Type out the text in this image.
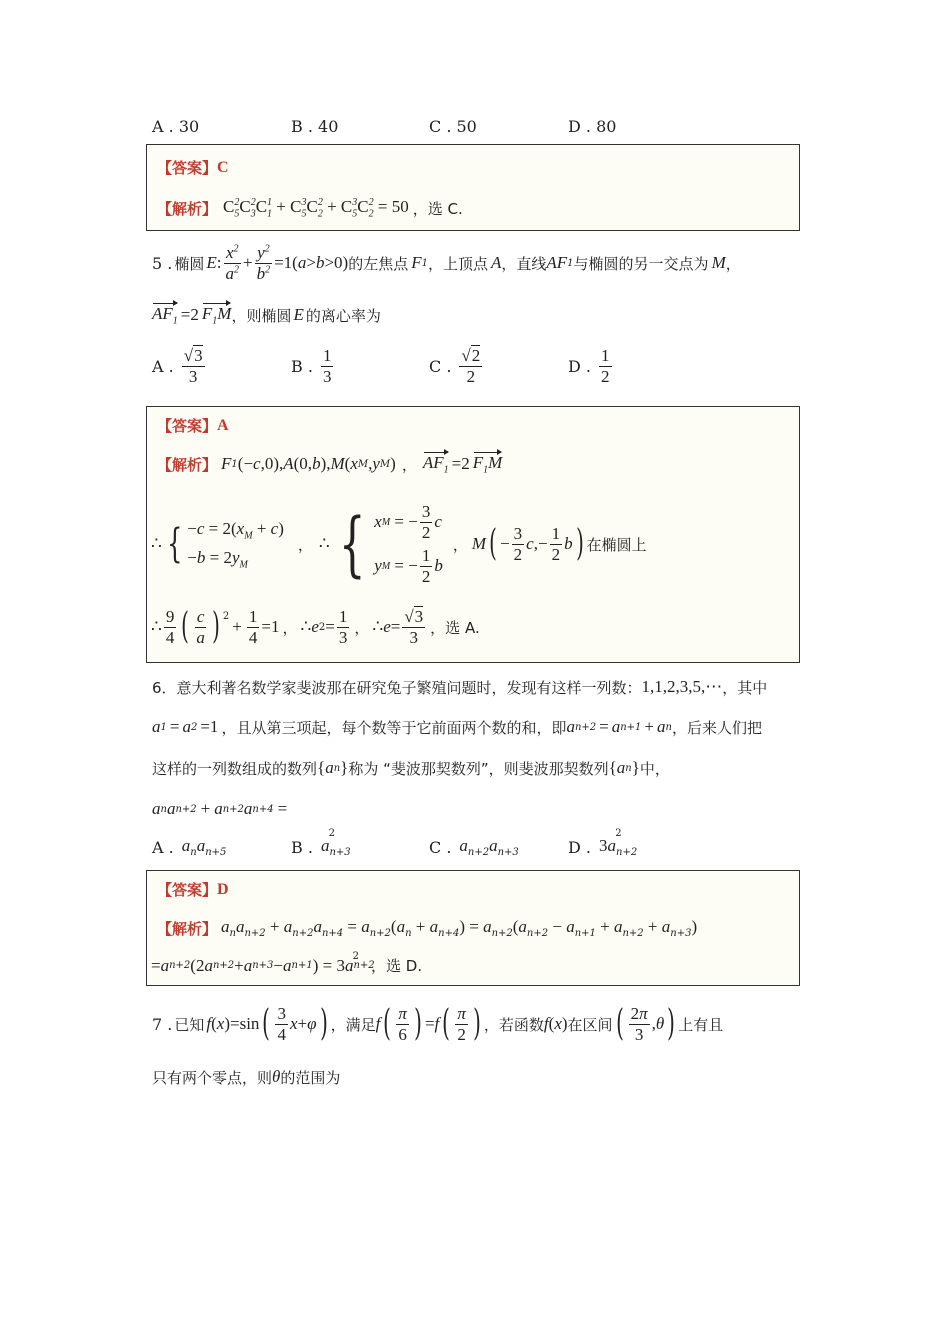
A . 30	B . 40	C . 50	D . 80
【答案】 C
【解析】 $C_5^2C_3^2C_1^1 + C_5^3C_2^2 + C_5^3C_2^2 = 50$ ，选 C.
5 . 椭圆 E : $\frac{x^2}{a^2} + \frac{y^2}{b^2} =1$( a > b >0) 的左焦点 F 1 ，上顶点 A ，直线 AF 1 与椭圆的另一交点为 M ，
$AF_1 =2$ $F_1M$ ，则椭圆 E 的离心率为
A . $\frac{√3}{3}$	B . $\frac{1}{3}$	C . $\frac{√2}{2}$	D . $\frac{1}{2}$
【答案】 A
【解析】 F 1 (− c ,0), A (0, b ), M ( x M , y M ) ， $AF_1 =2$ $F_1M$
∴ { $-c = 2(x_M + c)$
$-b = 2y_M$
， ∴ { x M = − $\frac{3}{2}$ c
y M = − $\frac{1}{2}$ b
， M ( − $\frac{3}{2}$ c ,− $\frac{1}{2}$ b ) 在椭圆上
∴ $\frac{9}{4}$ ( $\frac{c}{a}$ ) $^2$
+ $\frac{1}{4} =1$ ， ∴ e $2 = \frac{1}{3}$ ， ∴ $e = \frac{√3}{3}$ ，选 A.
6．意大利著名数学家斐波那在研究兔子繁殖问题时，发现有这样一列数： 1,1,2,3,5,⋯ ，其中
a 1 = a 2 =1 ，且从第三项起，每个数等于它前面两个数的和，即 a n+2 = a n+1 + a n ，后来人们把
这样的一列数组成的数列 { a n } 称为 “斐波那契数列”，则斐波那契数列 { a n } 中，
a n a n+2 + a n+2 a n+4 =
A . $a_na_{n+5}$	B . $a_{n+3}^2$
C . $a_{n+2}a_{n+3}$	D . $3a_{n+2}^2$
【答案】 D
【解析】 $a_na_{n+2} + a_{n+2}a_{n+4} = a_{n+2}(a_n + a_{n+4}) = a_{n+2}(a_{n+2} - a_{n+1} + a_{n+2} + a_{n+3})$
= a n+2 (2 a n+2 + a n+3 − a n+1 ) = 3 a n+2
$^2$
，选 D.
7 . 已知 f ( x )=sin ( $\frac{3}{4}$ x + φ ) ，满足 f ( $\frac{\pi}{6}$ ) = f ( $\frac{\pi}{2}$ ) ，若函数 f ( x ) 在区间 ( $\frac{2\pi}{3}$ , θ ) 上有且
只有两个零点，则 θ 的范围为
